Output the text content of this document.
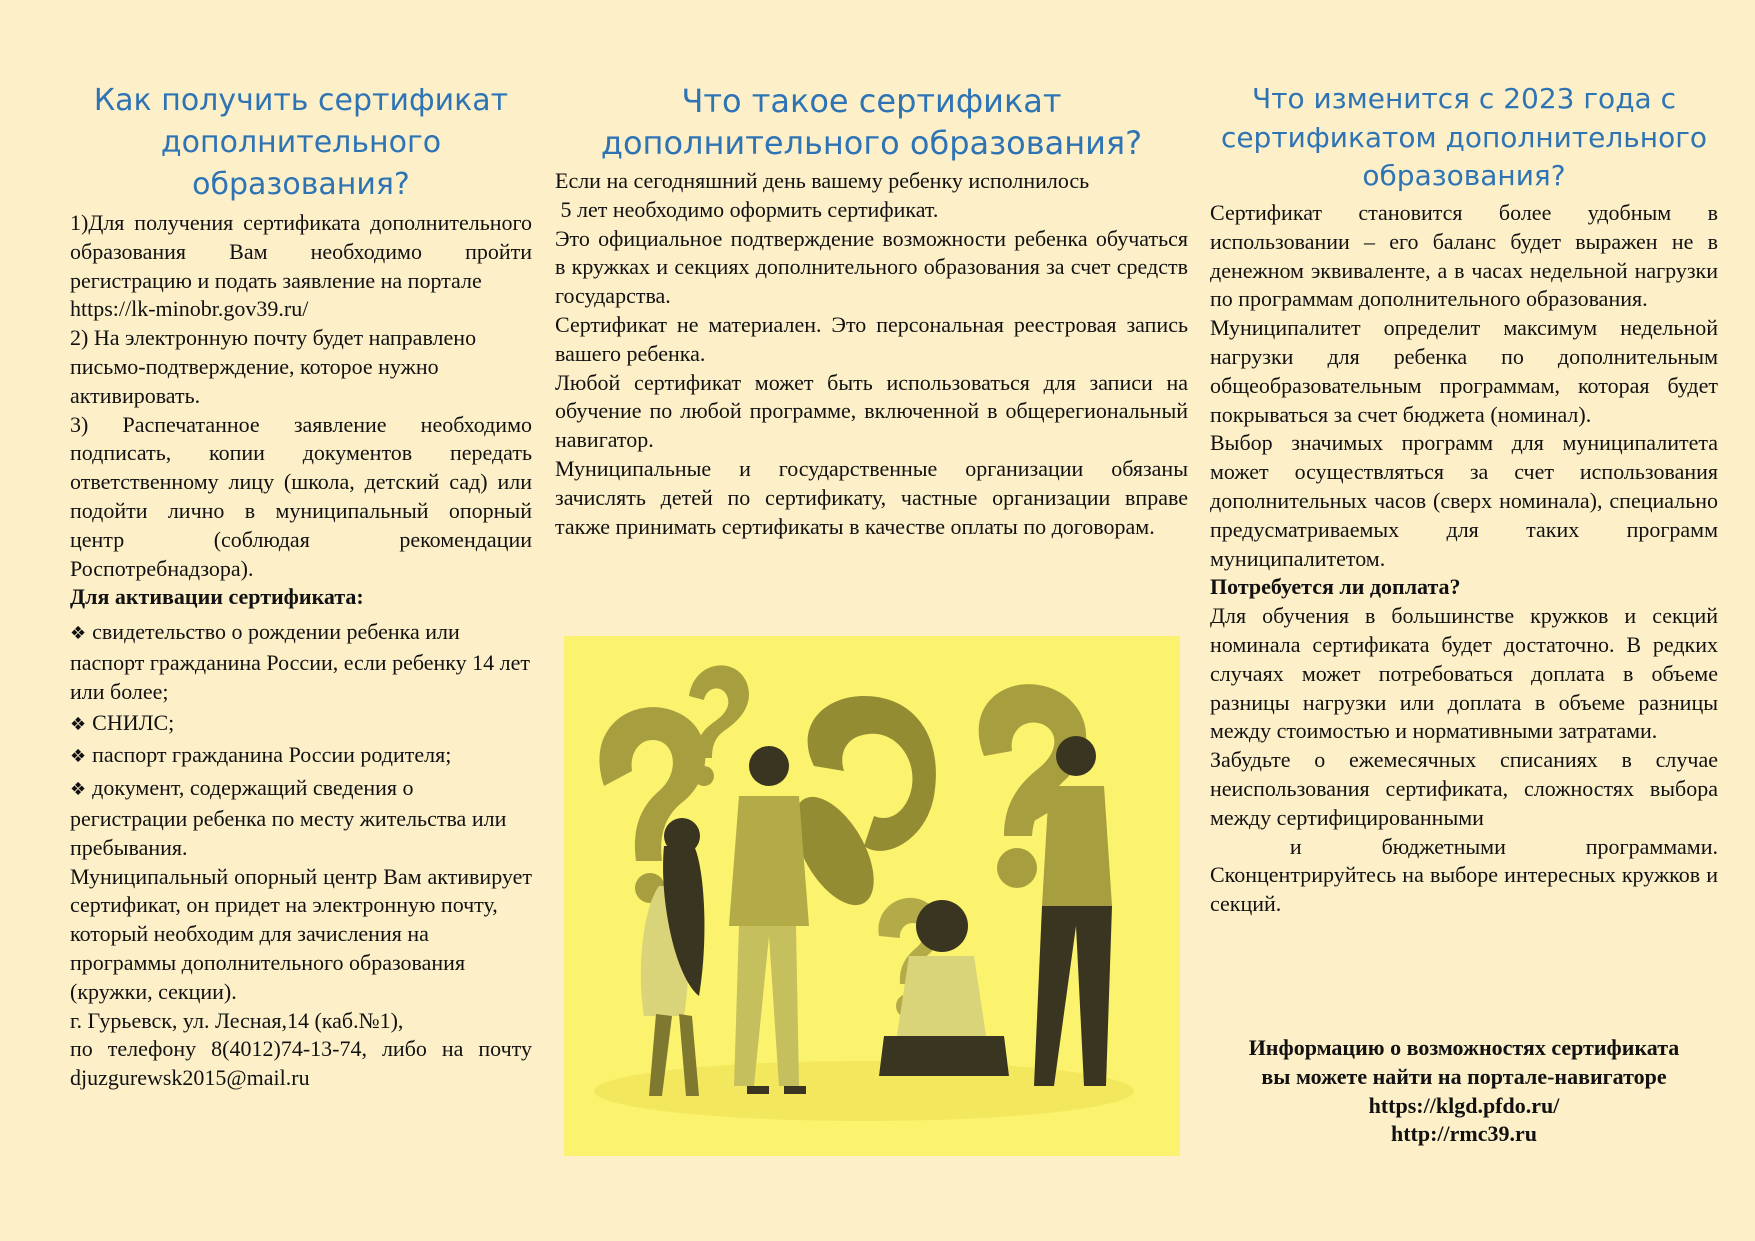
Как получить сертификат дополнительного образования?

1)Для получения сертификата дополнительного образования Вам необходимо пройти регистрацию и подать заявление на портале

https://lk-minobr.gov39.ru/

2) На электронную почту будет направлено письмо-подтверждение, которое нужно активировать.

3) Распечатанное заявление необходимо подписать, копии документов передать ответственному лицу (школа, детский сад) или подойти лично в муниципальный опорный центр (соблюдая рекомендации Роспотребнадзора).

Для активации сертификата:

❖ свидетельство о рождении ребенка или паспорт гражданина России, если ребенку 14 лет или более;

❖ СНИЛС;

❖ паспорт гражданина России родителя;

❖ документ, содержащий сведения о регистрации ребенка по месту жительства или пребывания.

Муниципальный опорный центр Вам активирует сертификат, он придет на электронную почту,

который необходим для зачисления на программы дополнительного образования (кружки, секции).

г. Гурьевск, ул. Лесная,14 (каб.№1),

по телефону 8(4012)74-13-74, либо на почту djuzgurewsk2015@mail.ru

Что такое сертификат дополнительного образования?

Если на сегодняшний день вашему ребенку исполнилось

5 лет необходимо оформить сертификат.

Это официальное подтверждение возможности ребенка обучаться в кружках и секциях дополнительного образования за счет средств государства.

Сертификат не материален. Это персональная реестровая запись вашего ребенка.

Любой сертификат может быть использоваться для записи на обучение по любой программе, включенной в общерегиональный навигатор.

Муниципальные и государственные организации обязаны зачислять детей по сертификату, частные организации вправе также принимать сертификаты в качестве оплаты по договорам.

Что изменится с 2023 года с сертификатом дополнительного образования?

Сертификат становится более удобным в использовании – его баланс будет выражен не в денежном эквиваленте, а в часах недельной нагрузки по программам дополнительного образования.

Муниципалитет определит максимум недельной нагрузки для ребенка по дополнительным общеобразовательным программам, которая будет покрываться за счет бюджета (номинал).

Выбор значимых программ для муниципалитета может осуществляться за счет использования дополнительных часов (сверх номинала), специально предусматриваемых для таких программ муниципалитетом.

Потребуется ли доплата?

Для обучения в большинстве кружков и секций номинала сертификата будет достаточно. В редких случаях может потребоваться доплата в объеме разницы нагрузки или доплата в объеме разницы между стоимостью и нормативными затратами.

Забудьте о ежемесячных списаниях в случае неиспользования сертификата, сложностях выбора между сертифицированными

и бюджетными программами.

Сконцентрируйтесь на выборе интересных кружков и секций.

Информацию о возможностях сертификата
вы можете найти на портале-навигаторе
https://klgd.pfdo.ru/
http://rmc39.ru
